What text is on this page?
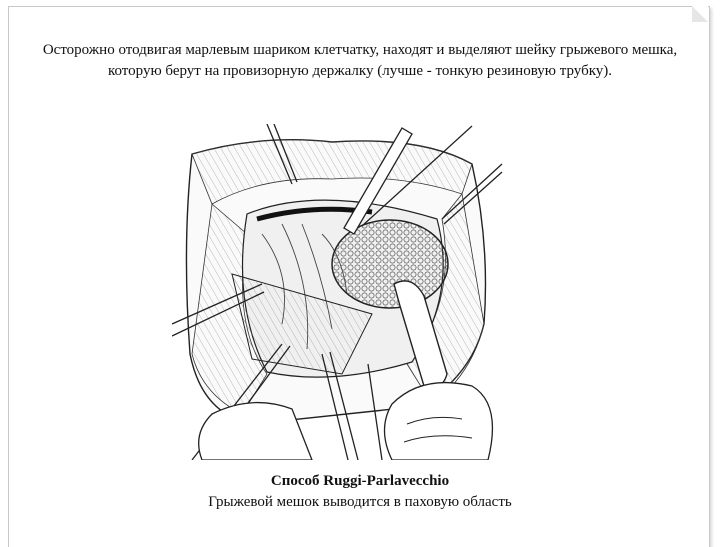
Осторожно отодвигая марлевым шариком клетчатку, находят и выделяют шейку грыжевого мешка, которую берут на провизорную держалку (лучше - тонкую резиновую трубку).

Способ Ruggi-Parlavecchio
Грыжевой мешок выводится в паховую область
